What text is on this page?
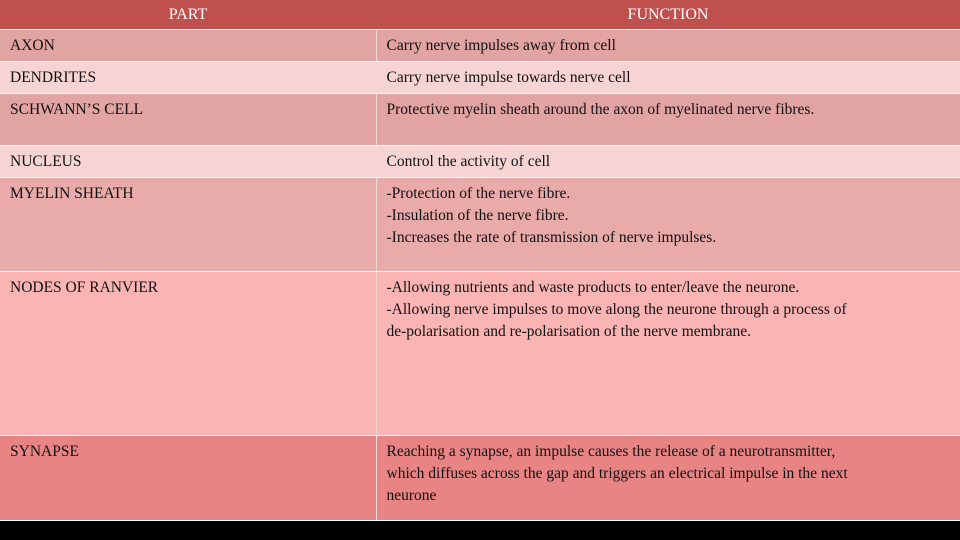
PART	FUNCTION
AXON	Carry nerve impulses away from cell

DENDRITES	Carry nerve impulse towards nerve cell

SCHWANN’S CELL	Protective myelin sheath around the axon of myelinated nerve fibres.

NUCLEUS	Control the activity of cell

MYELIN SHEATH	-Protection of the nerve fibre.
-Insulation of the nerve fibre.
-Increases the rate of transmission of nerve impulses.

NODES OF RANVIER	-Allowing nutrients and waste products to enter/leave the neurone.
-Allowing nerve impulses to move along the neurone through a process of
de-polarisation and re-polarisation of the nerve membrane.

SYNAPSE	Reaching a synapse, an impulse causes the release of a neurotransmitter,
which diffuses across the gap and triggers an electrical impulse in the next
neurone
